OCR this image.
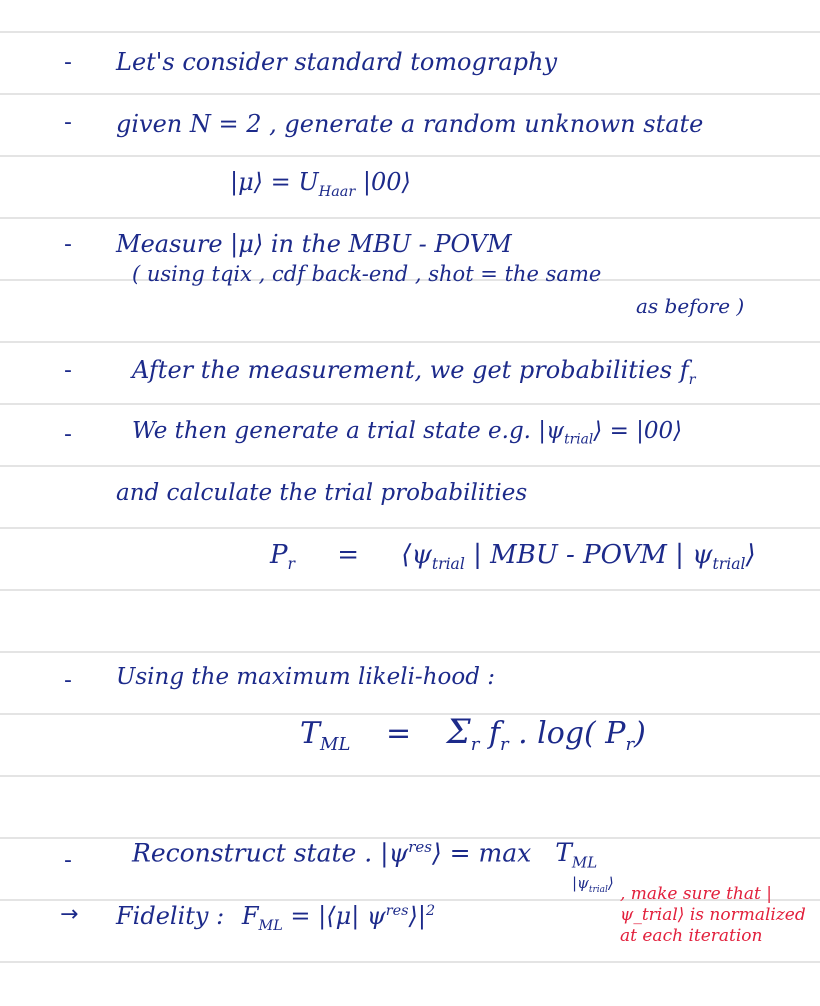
-
-
-
-
-
-
-
→
Let's consider standard tomography
given N = 2 , generate a random unknown state
|μ⟩ = $U_{Haar}$ |00⟩
Measure |μ⟩ in the MBU - POVM
( using tqix , cdf back-end , shot = the same
as before )
After the measurement, we get probabilities $f_r$
We then generate a trial state e.g. $|\psi_{trial}⟩$ = |00⟩
and calculate the trial probabilities
$P_r$ = $⟨\psi_{trial}$ | MBU - POVM | $\psi_{trial}⟩$
Using the maximum likeli-hood :
$T_{ML} = \Sigma_r$ $f_r$ . log( $P_r$)
Reconstruct state . $|\psi^{res}⟩ = \max T_{ML}$
$|\psi_{trial}⟩$
Fidelity : $F_{ML}$ = |⟨μ| $\psi^{res}⟩|^2$
, make sure that |ψ_trial⟩ is normalized at each iteration
